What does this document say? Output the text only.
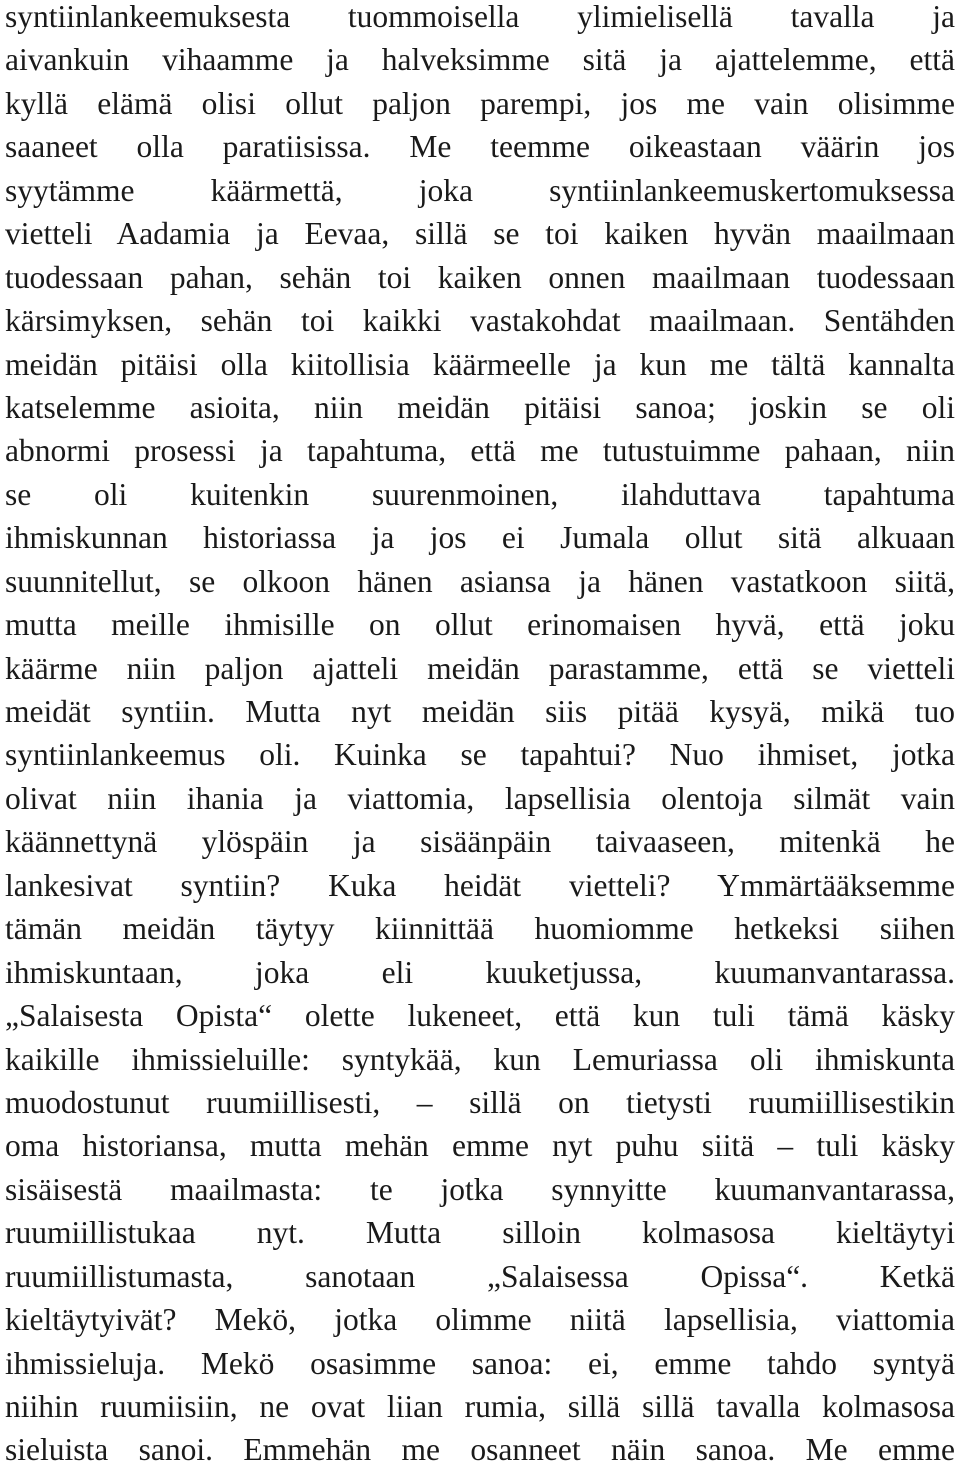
syntiinlankeemuksesta tuommoisella ylimielisellä tavalla ja
aivankuin vihaamme ja halveksimme sitä ja ajattelemme, että
kyllä elämä olisi ollut paljon parempi, jos me vain olisimme
saaneet olla paratiisissa. Me teemme oikeastaan väärin jos
syytämme käärmettä, joka syntiinlankeemuskertomuksessa
vietteli Aadamia ja Eevaa, sillä se toi kaiken hyvän maailmaan
tuodessaan pahan, sehän toi kaiken onnen maailmaan tuodessaan
kärsimyksen, sehän toi kaikki vastakohdat maailmaan. Sentähden
meidän pitäisi olla kiitollisia käärmeelle ja kun me tältä kannalta
katselemme asioita, niin meidän pitäisi sanoa; joskin se oli
abnormi prosessi ja tapahtuma, että me tutustuimme pahaan, niin
se oli kuitenkin suurenmoinen, ilahduttava tapahtuma
ihmiskunnan historiassa ja jos ei Jumala ollut sitä alkuaan
suunnitellut, se olkoon hänen asiansa ja hänen vastatkoon siitä,
mutta meille ihmisille on ollut erinomaisen hyvä, että joku
käärme niin paljon ajatteli meidän parastamme, että se vietteli
meidät syntiin. Mutta nyt meidän siis pitää kysyä, mikä tuo
syntiinlankeemus oli. Kuinka se tapahtui? Nuo ihmiset, jotka
olivat niin ihania ja viattomia, lapsellisia olentoja silmät vain
käännettynä ylöspäin ja sisäänpäin taivaaseen, mitenkä he
lankesivat syntiin? Kuka heidät vietteli? Ymmärtääksemme
tämän meidän täytyy kiinnittää huomiomme hetkeksi siihen
ihmiskuntaan, joka eli kuuketjussa, kuumanvantarassa.
„Salaisesta Opista“ olette lukeneet, että kun tuli tämä käsky
kaikille ihmissieluille: syntykää, kun Lemuriassa oli ihmiskunta
muodostunut ruumiillisesti, – sillä on tietysti ruumiillisestikin
oma historiansa, mutta mehän emme nyt puhu siitä – tuli käsky
sisäisestä maailmasta: te jotka synnyitte kuumanvantarassa,
ruumiillistukaa nyt. Mutta silloin kolmasosa kieltäytyi
ruumiillistumasta, sanotaan „Salaisessa Opissa“. Ketkä
kieltäytyivät? Mekö, jotka olimme niitä lapsellisia, viattomia
ihmissieluja. Mekö osasimme sanoa: ei, emme tahdo syntyä
niihin ruumiisiin, ne ovat liian rumia, sillä sillä tavalla kolmasosa
sieluista sanoi. Emmehän me osanneet näin sanoa. Me emme
